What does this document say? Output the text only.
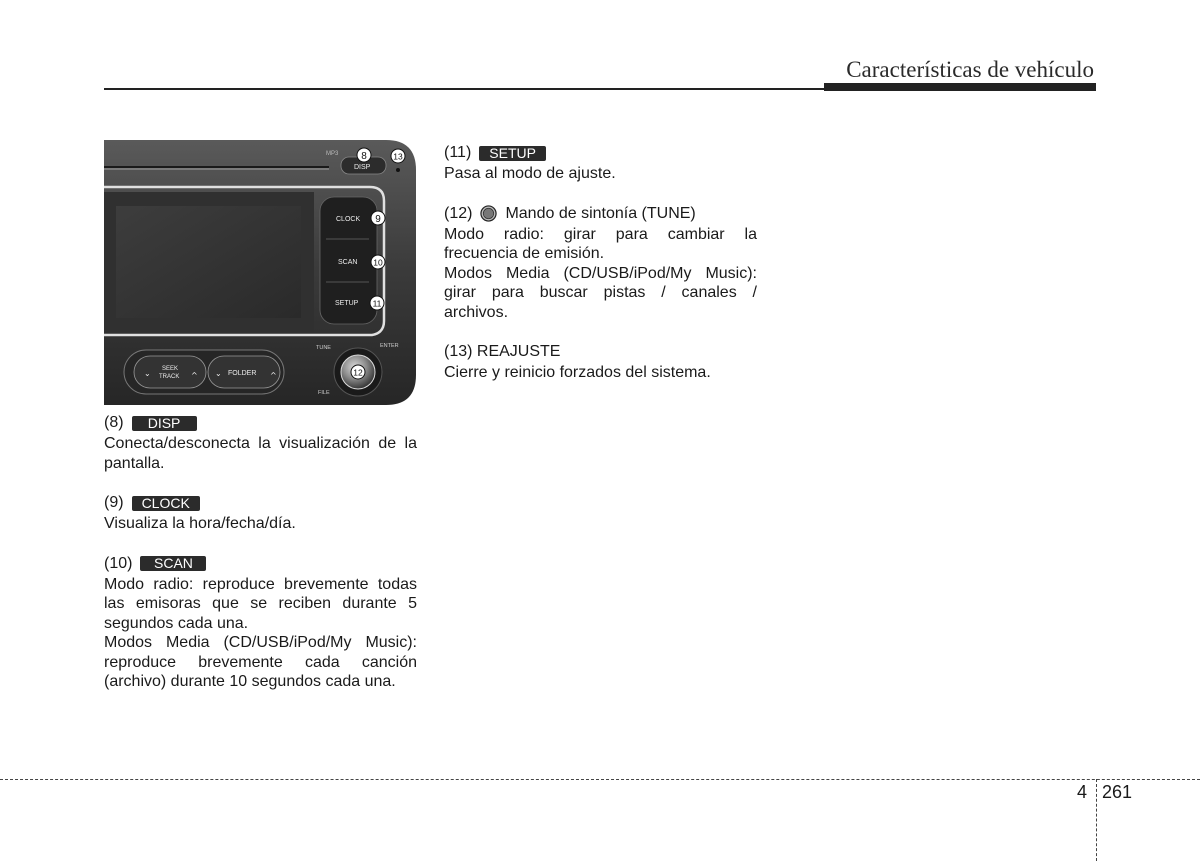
Características de vehículo
MP3
DISP
CLOCK
SCAN
SETUP
⌄ SEEK
TRACK ^ ⌄ FOLDER ^
TUNE	ENTER
FILE
8	13
9
10
11
12
(8)	DISP
Conecta/desconecta la visualización de la pantalla.
(9)	CLOCK
Visualiza la hora/fecha/día.
(10)	SCAN
Modo radio: reproduce brevemente todas las emisoras que se reciben durante 5 segundos cada una.
Modos Media (CD/USB/iPod/My Music): reproduce brevemente cada canción (archivo) durante 10 segundos cada una.
(11)	SETUP
Pasa al modo de ajuste.
(12) Mando de sintonía (TUNE)
Modo radio: girar para cambiar la frecuencia de emisión.
Modos Media (CD/USB/iPod/My Music): girar para buscar pistas / canales / archivos.
(13) REAJUSTE
Cierre y reinicio forzados del sistema.
4 261
